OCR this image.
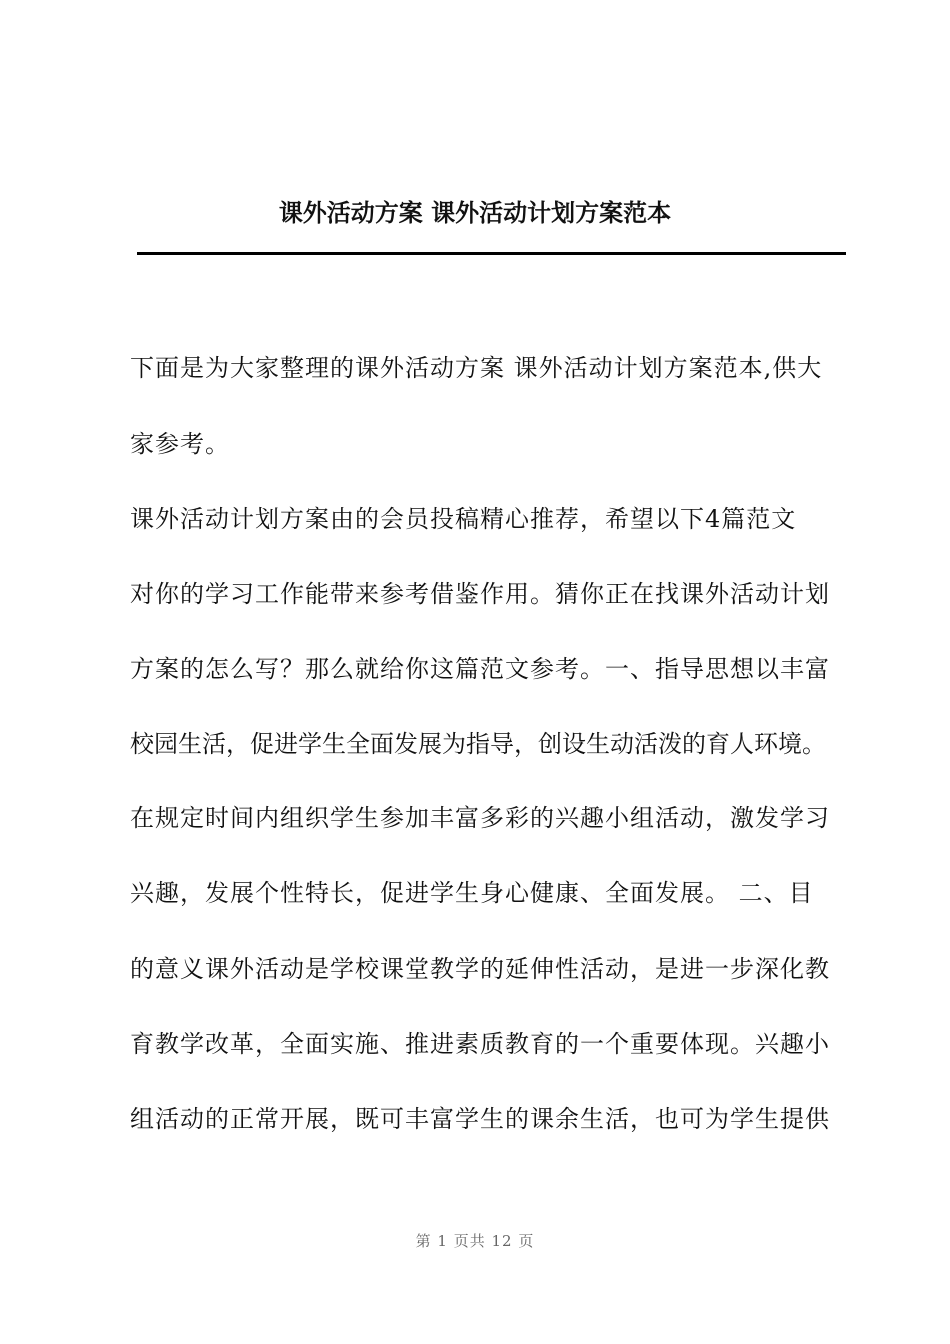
课外活动方案 课外活动计划方案范本
下面是为大家整理的课外活动方案 课外活动计划方案范本,供大
家参考。
课外活动计划方案由的会员投稿精心推荐，希望以下4篇范文
对你的学习工作能带来参考借鉴作用。猜你正在找课外活动计划
方案的怎么写？那么就给你这篇范文参考。一、指导思想以丰富
校园生活，促进学生全面发展为指导，创设生动活泼的育人环境。
在规定时间内组织学生参加丰富多彩的兴趣小组活动，激发学习
兴趣，发展个性特长，促进学生身心健康、全面发展。 二、目
的意义课外活动是学校课堂教学的延伸性活动，是进一步深化教
育教学改革，全面实施、推进素质教育的一个重要体现。兴趣小
组活动的正常开展，既可丰富学生的课余生活，也可为学生提供
第 1 页共 12 页
